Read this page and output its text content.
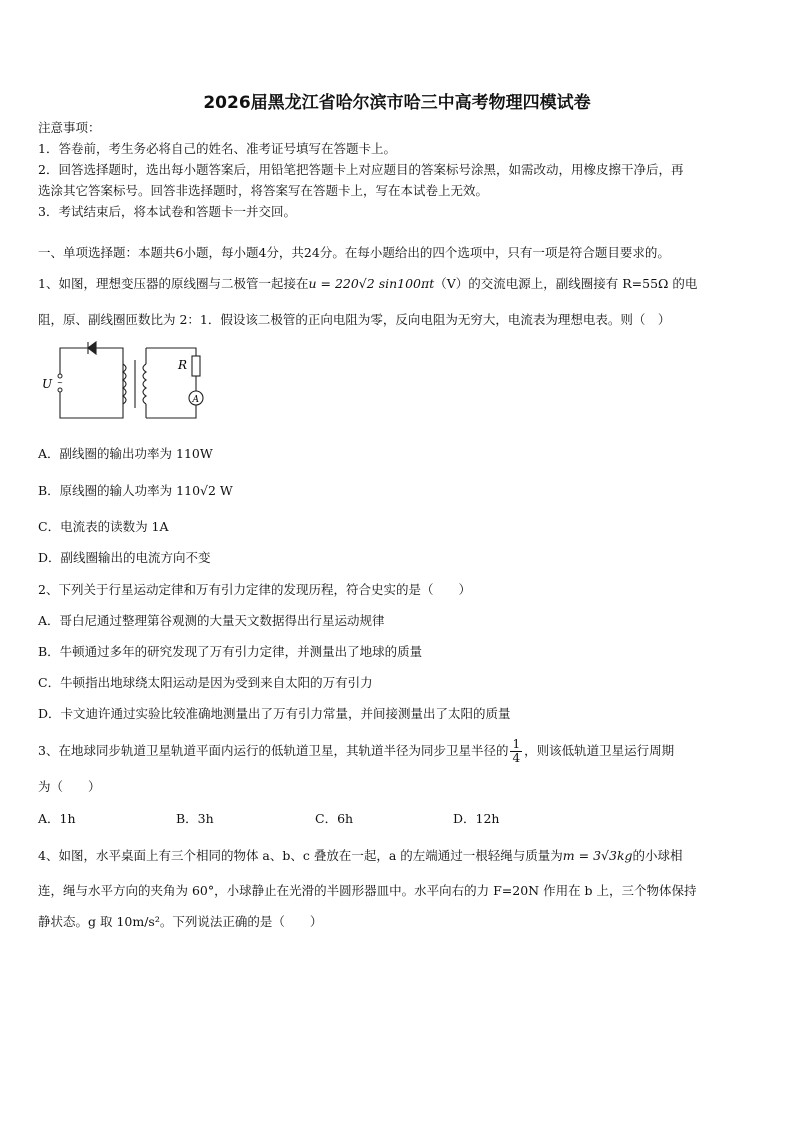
2026届黑龙江省哈尔滨市哈三中高考物理四模试卷
注意事项：
1．答卷前，考生务必将自己的姓名、准考证号填写在答题卡上。
2．回答选择题时，选出每小题答案后，用铅笔把答题卡上对应题目的答案标号涂黑，如需改动，用橡皮擦干净后，再
选涂其它答案标号。回答非选择题时，将答案写在答题卡上，写在本试卷上无效。
3．考试结束后，将本试卷和答题卡一并交回。
一、单项选择题：本题共6小题，每小题4分，共24分。在每小题给出的四个选项中，只有一项是符合题目要求的。
1、如图，理想变压器的原线圈与二极管一起接在u = 220√2 sin100πt（V）的交流电源上，副线圈接有 R=55Ω 的电
阻，原、副线圈匝数比为 2：1．假设该二极管的正向电阻为零，反向电阻为无穷大，电流表为理想电表。则（　）
~
U
R
A
A．副线圈的输出功率为 110W
B．原线圈的输人功率为 110√2 W
C．电流表的读数为 1A
D．副线圈输出的电流方向不变
2、下列关于行星运动定律和万有引力定律的发现历程，符合史实的是（　　）
A．哥白尼通过整理第谷观测的大量天文数据得出行星运动规律
B．牛顿通过多年的研究发现了万有引力定律，并测量出了地球的质量
C．牛顿指出地球绕太阳运动是因为受到来自太阳的万有引力
D．卡文迪许通过实验比较准确地测量出了万有引力常量，并间接测量出了太阳的质量
3、在地球同步轨道卫星轨道平面内运行的低轨道卫星，其轨道半径为同步卫星半径的 $\frac{1}{4}$ ，则该低轨道卫星运行周期
为（　　）
A．1h	B．3h	C．6h	D．12h
4、如图，水平桌面上有三个相同的物体 a、b、c 叠放在一起，a 的左端通过一根轻绳与质量为m = 3√3kg的小球相
连，绳与水平方向的夹角为 60°，小球静止在光滑的半圆形器皿中。水平向右的力 F=20N 作用在 b 上，三个物体保持
静状态。g 取 10m/s²。下列说法正确的是（　　）
